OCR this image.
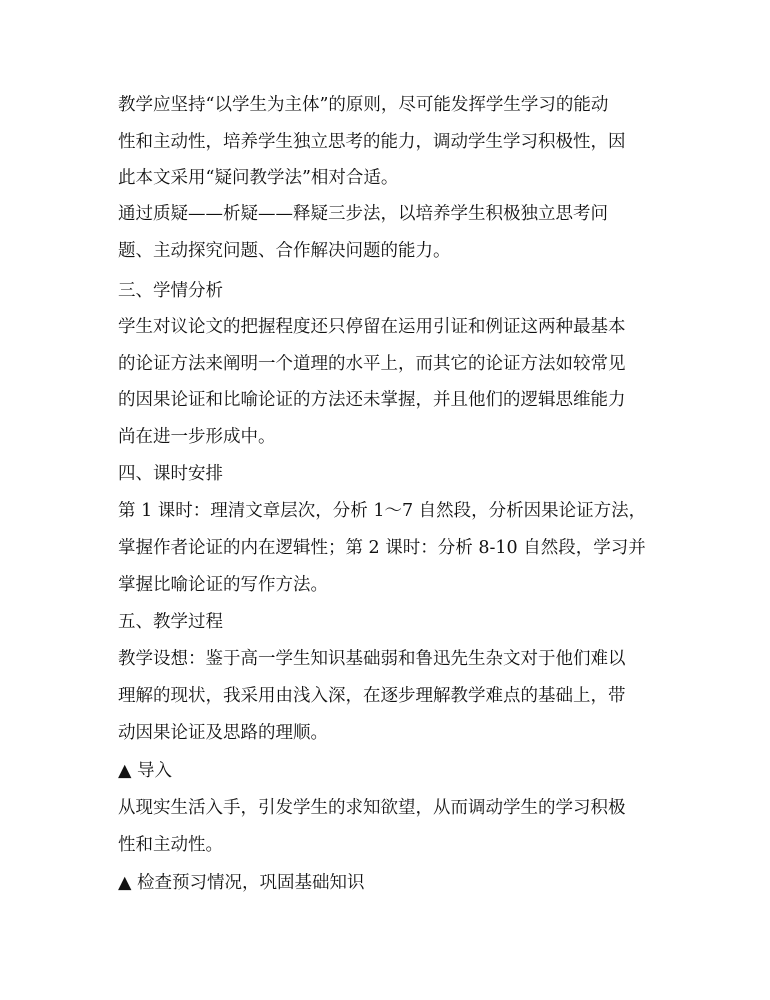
教学应坚持“以学生为主体”的原则，尽可能发挥学生学习的能动
性和主动性，培养学生独立思考的能力，调动学生学习积极性，因
此本文采用“疑问教学法”相对合适。
通过质疑——析疑——释疑三步法，以培养学生积极独立思考问
题、主动探究问题、合作解决问题的能力。
三、学情分析
学生对议论文的把握程度还只停留在运用引证和例证这两种最基本
的论证方法来阐明一个道理的水平上，而其它的论证方法如较常见
的因果论证和比喻论证的方法还未掌握，并且他们的逻辑思维能力
尚在进一步形成中。
四、课时安排
第 1 课时：理清文章层次，分析 1～7 自然段，分析因果论证方法，
掌握作者论证的内在逻辑性；第 2 课时：分析 8-10 自然段，学习并
掌握比喻论证的写作方法。
五、教学过程
教学设想：鉴于高一学生知识基础弱和鲁迅先生杂文对于他们难以
理解的现状，我采用由浅入深，在逐步理解教学难点的基础上，带
动因果论证及思路的理顺。
▲ 导入
从现实生活入手，引发学生的求知欲望，从而调动学生的学习积极
性和主动性。
▲ 检查预习情况，巩固基础知识
